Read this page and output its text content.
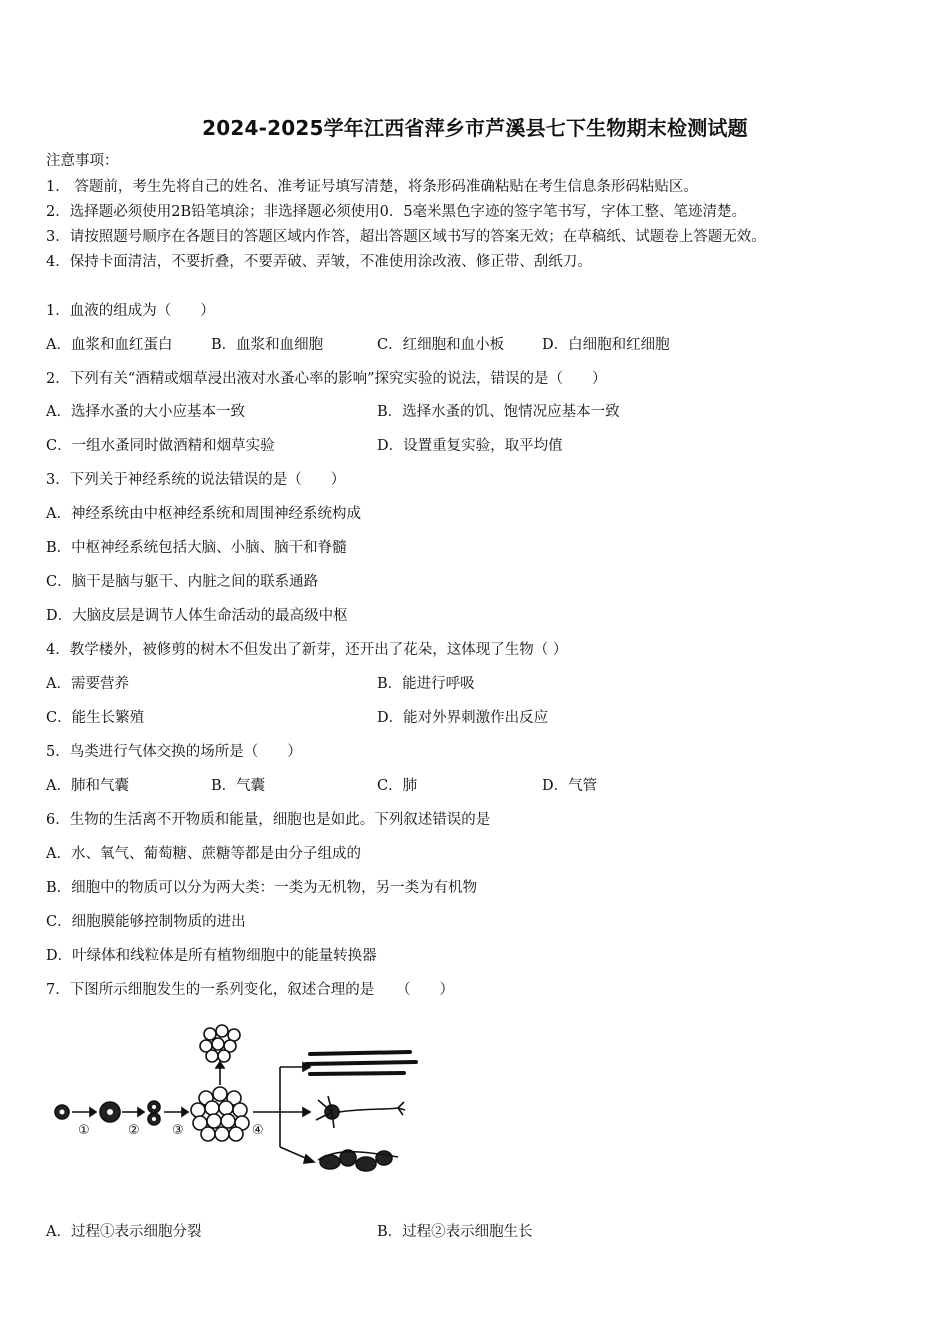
2024-2025学年江西省萍乡市芦溪县七下生物期末检测试题
注意事项：
1． 答题前，考生先将自己的姓名、准考证号填写清楚，将条形码准确粘贴在考生信息条形码粘贴区。
2．选择题必须使用2B铅笔填涂；非选择题必须使用0．5毫米黑色字迹的签字笔书写，字体工整、笔迹清楚。
3．请按照题号顺序在各题目的答题区域内作答，超出答题区域书写的答案无效；在草稿纸、试题卷上答题无效。
4．保持卡面清洁，不要折叠，不要弄破、弄皱，不准使用涂改液、修正带、刮纸刀。
1．血液的组成为（　　）
A．血浆和血红蛋白	B．血浆和血细胞	C．红细胞和血小板	D．白细胞和红细胞
2．下列有关“酒精或烟草浸出液对水蚤心率的影响”探究实验的说法，错误的是（　　）
A．选择水蚤的大小应基本一致	B．选择水蚤的饥、饱情况应基本一致
C．一组水蚤同时做酒精和烟草实验	D．设置重复实验，取平均值
3．下列关于神经系统的说法错误的是（　　）
A．神经系统由中枢神经系统和周围神经系统构成
B．中枢神经系统包括大脑、小脑、脑干和脊髓
C．脑干是脑与躯干、内脏之间的联系通路
D．大脑皮层是调节人体生命活动的最高级中枢
4．教学楼外，被修剪的树木不但发出了新芽，还开出了花朵，这体现了生物（ ）
A．需要营养	B．能进行呼吸
C．能生长繁殖	D．能对外界刺激作出反应
5．鸟类进行气体交换的场所是（　　）
A．肺和气囊	B．气囊	C．肺	D．气管
6．生物的生活离不开物质和能量，细胞也是如此。下列叙述错误的是
A．水、氧气、葡萄糖、蔗糖等都是由分子组成的
B．细胞中的物质可以分为两大类：一类为无机物，另一类为有机物
C．细胞膜能够控制物质的进出
D．叶绿体和线粒体是所有植物细胞中的能量转换器
7．下图所示细胞发生的一系列变化，叙述合理的是　　（　　）
①	② ③	④
A．过程①表示细胞分裂	B．过程②表示细胞生长
